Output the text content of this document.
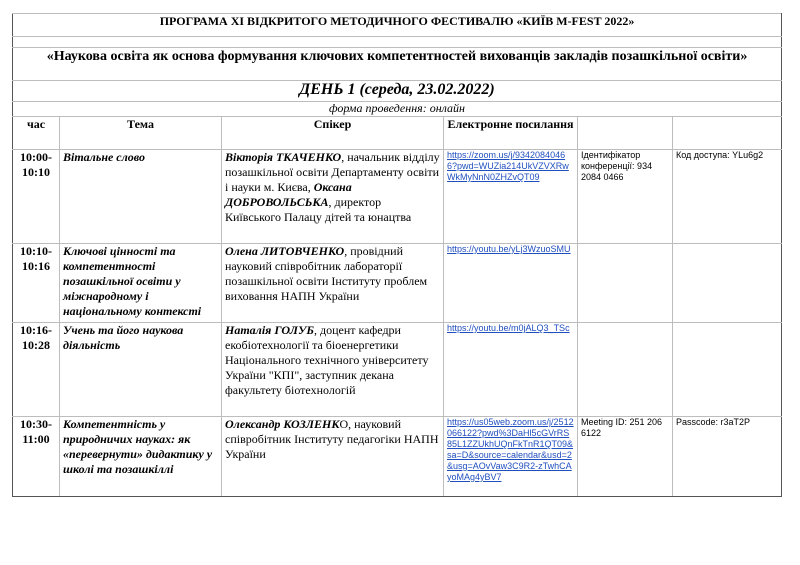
ПРОГРАМА ХІ ВІДКРИТОГО МЕТОДИЧНОГО ФЕСТИВАЛЮ «КИЇВ M-FEST 2022»					

«Наукова освіта як основа формування ключових компетентностей вихованців закладів позашкільної освіти»					
ДЕНЬ 1 (середа, 23.02.2022)					
форма проведення: онлайн					
час	Тема	Спікер	Електронне посилання		
10:00-10:10	Вітальне слово	Вікторія ТКАЧЕНКО, начальник відділу позашкільної освіти Департаменту освіти і науки м. Києва, Оксана ДОБРОВОЛЬСЬКА, директор Київського Палацу дітей та юнацтва	https://zoom.us/j/93420840466?pwd=WUZia214UkVZVXRwWkMyNnN0ZHZvQT09	Ідентифікатор конференції: 934 2084 0466	Код доступа: YLu6g2
10:10-10:16	Ключові цінності та компетентності позашкільної освіти у міжнародному і національному контексті	Олена ЛИТОВЧЕНКО, провідний науковий співробітник лабораторії позашкільної освіти Інституту проблем виховання НАПН України	https://youtu.be/yLj3WzuoSMU		

10:16-10:28	Учень та його наукова діяльність	Наталія ГОЛУБ, доцент кафедри екобіотехнології та біоенергетики Національного технічного університету України "КПІ", заступник декана факультету біотехнологій	https://youtu.be/m0jALQ3_TSc		

10:30-11:00	Компетентність у природничих науках: як «перевернути» дидактику у школі та позашкіллі	Олександр КОЗЛЕНКО, науковий співробітник Інституту педагогіки НАПН України	https://us05web.zoom.us/j/2512066122?pwd%3DaHl5cGVrRS85L1ZZUkhUQnFkTnR1QT09&sa=D&source=calendar&usd=2&usg=AOvVaw3C9R2-zTwhCAyoMAg4yBV7	Meeting ID: 251 206 6122	Passcode: r3aT2P
